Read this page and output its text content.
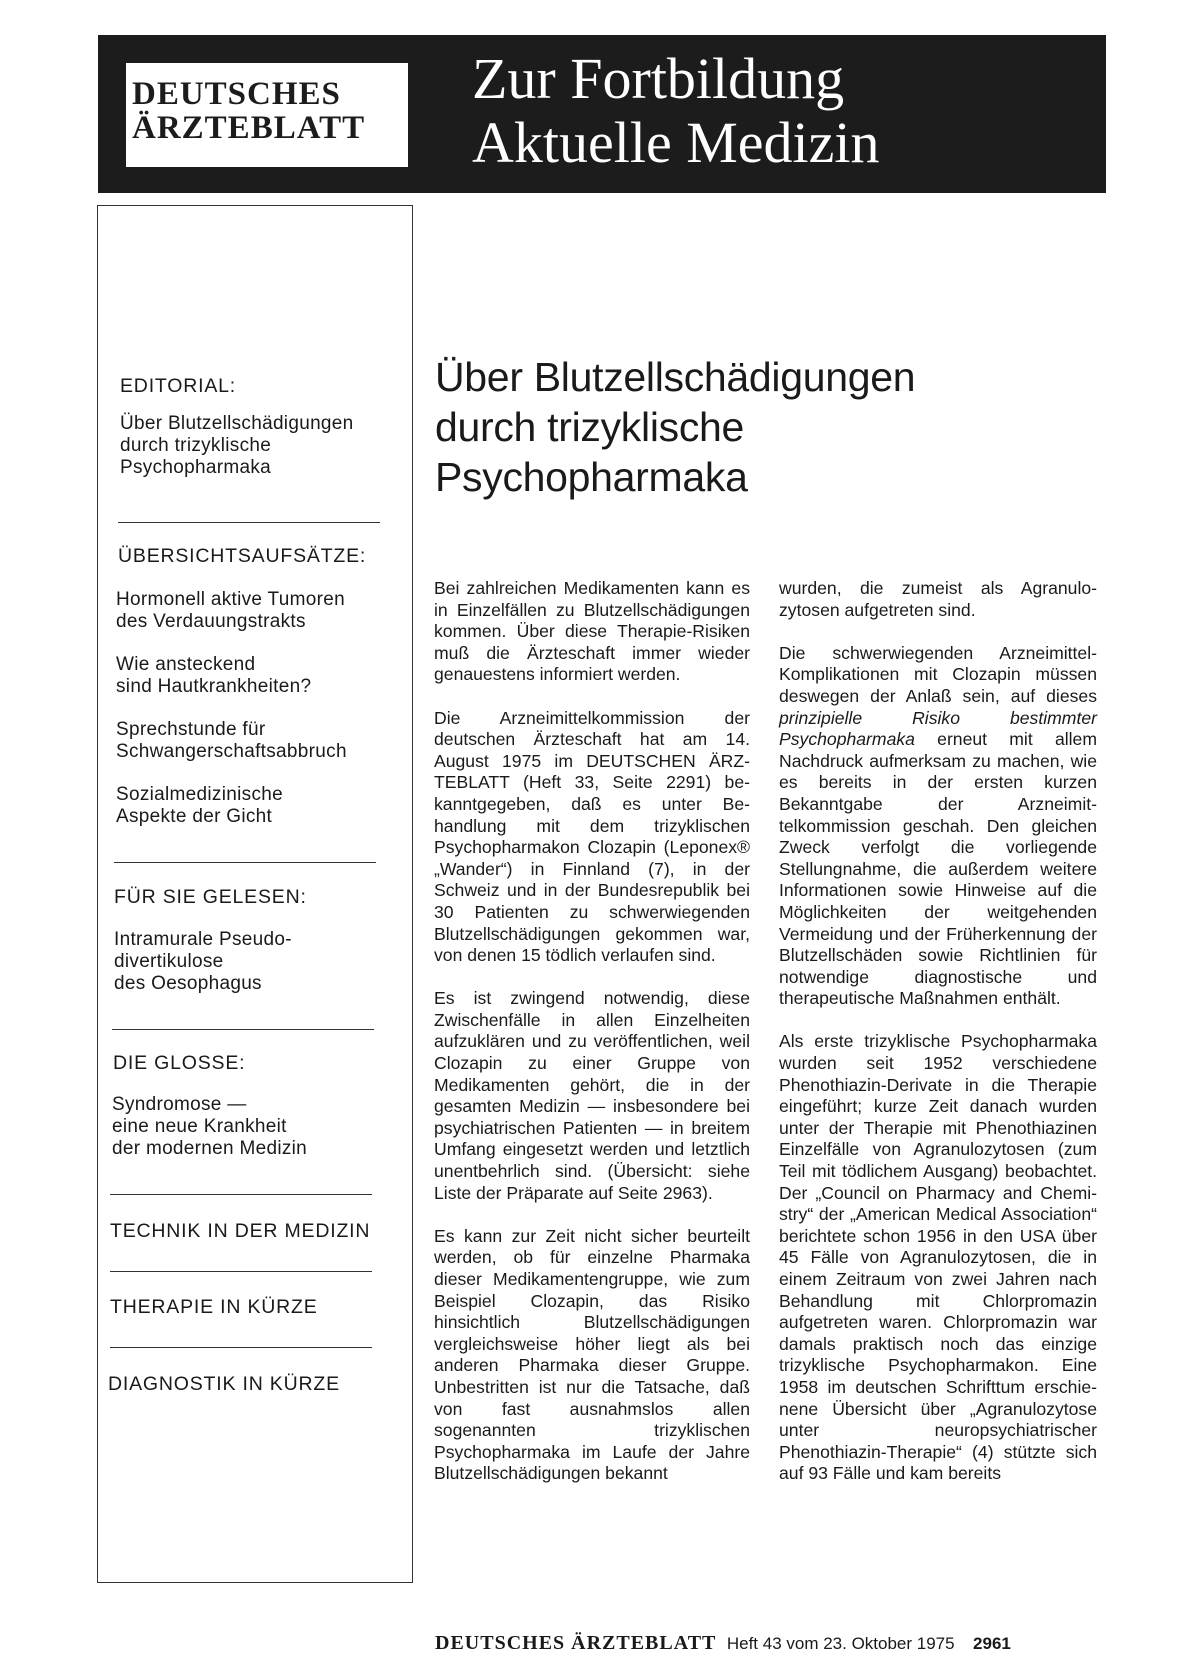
DEUTSCHES
ÄRZTEBLATT
Zur Fortbildung
Aktuelle Medizin
EDITORIAL:
Über Blutzellschädigungen
durch trizyklische
Psychopharmaka
ÜBERSICHTSAUFSÄTZE:
Hormonell aktive Tumoren
des Verdauungstrakts
Wie ansteckend
sind Hautkrankheiten?
Sprechstunde für
Schwangerschaftsabbruch
Sozialmedizinische
Aspekte der Gicht
FÜR SIE GELESEN:
Intramurale Pseudo-
divertikulose
des Oesophagus
DIE GLOSSE:
Syndromose —
eine neue Krankheit
der modernen Medizin
TECHNIK IN DER MEDIZIN
THERAPIE IN KÜRZE
DIAGNOSTIK IN KÜRZE
Über Blutzellschädigungen
durch trizyklische
Psychopharmaka

Bei zahlreichen Medikamenten kann es in Einzelfällen zu Blutzellschädigungen kommen. Über diese Therapie-Risiken muß die Ärzteschaft immer wieder genauestens informiert werden.

Die Arzneimittelkommission der deutschen Ärzteschaft hat am 14. August 1975 im DEUTSCHEN ÄRZTEBLATT (Heft 33, Seite 2291) bekanntgegeben, daß es unter Behandlung mit dem trizyklischen Psychopharmakon Clozapin (Leponex® „Wander“) in Finnland (7), in der Schweiz und in der Bundesrepublik bei 30 Patienten zu schwerwiegenden Blutzellschädigungen gekommen war, von denen 15 tödlich verlaufen sind.

Es ist zwingend notwendig, diese Zwischenfälle in allen Einzelheiten aufzuklären und zu veröffentlichen, weil Clozapin zu einer Gruppe von Medikamenten gehört, die in der gesamten Medizin — insbesondere bei psychiatrischen Patienten — in breitem Umfang eingesetzt werden und letztlich unentbehrlich sind. (Übersicht: siehe Liste der Präparate auf Seite 2963).

Es kann zur Zeit nicht sicher beurteilt werden, ob für einzelne Pharmaka dieser Medikamentengruppe, wie zum Beispiel Clozapin, das Risiko hinsichtlich Blutzellschädigungen vergleichsweise höher liegt als bei anderen Pharmaka dieser Gruppe. Unbestritten ist nur die Tatsache, daß von fast ausnahmslos allen sogenannten trizyklischen Psychopharmaka im Laufe der Jahre Blutzellschädigungen bekannt

wurden, die zumeist als Agranulozytosen aufgetreten sind.

Die schwerwiegenden Arzneimittel-Komplikationen mit Clozapin müssen deswegen der Anlaß sein, auf dieses prinzipielle Risiko bestimmter Psychopharmaka erneut mit allem Nachdruck aufmerksam zu machen, wie es bereits in der ersten kurzen Bekanntgabe der Arzneimittelkommission geschah. Den gleichen Zweck verfolgt die vorliegende Stellungnahme, die außerdem weitere Informationen sowie Hinweise auf die Möglichkeiten der weitgehenden Vermeidung und der Früherkennung der Blutzellschäden sowie Richtlinien für notwendige diagnostische und therapeutische Maßnahmen enthält.

Als erste trizyklische Psychopharmaka wurden seit 1952 verschiedene Phenothiazin-Derivate in die Therapie eingeführt; kurze Zeit danach wurden unter der Therapie mit Phenothiazinen Einzelfälle von Agranulozytosen (zum Teil mit tödlichem Ausgang) beobachtet. Der „Council on Pharmacy and Chemistry“ der „American Medical Association“ berichtete schon 1956 in den USA über 45 Fälle von Agranulozytosen, die in einem Zeitraum von zwei Jahren nach Behandlung mit Chlorpromazin aufgetreten waren. Chlorpromazin war damals praktisch noch das einzige trizyklische Psychopharmakon. Eine 1958 im deutschen Schrifttum erschienene Übersicht über „Agranulozytose unter neuropsychiatrischer Phenothiazin-Therapie“ (4) stützte sich auf 93 Fälle und kam bereits

DEUTSCHES ÄRZTEBLATT Heft 43 vom 23. Oktober 1975 2961
